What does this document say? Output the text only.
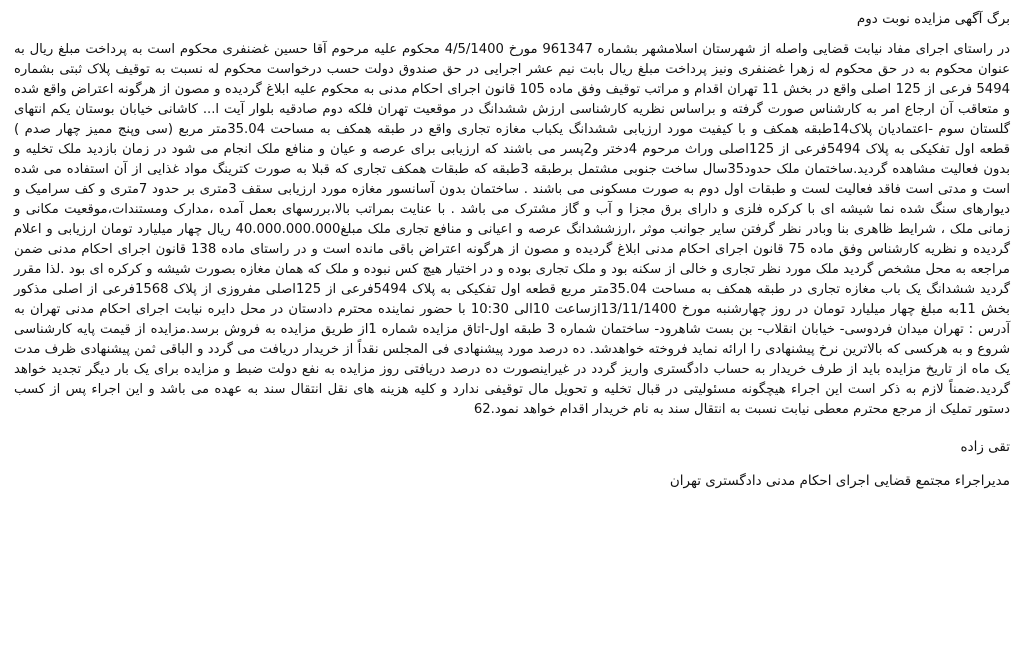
برگ آگهی مزایده نوبت دوم

در راستای اجرای مفاد نیابت قضایی واصله از شهرستان اسلامشهر بشماره 961347 مورخ 4/5/1400 محکوم علیه مرحوم آقا حسین غضنفری محکوم است به پرداخت مبلغ ریال به عنوان محکوم به در حق محکوم له زهرا غضنفری ونیز پرداخت مبلغ ریال بابت نیم عشر اجرایی در حق صندوق دولت حسب درخواست محکوم له نسبت به توقیف پلاک ثبتی بشماره 5494 فرعی از 125 اصلی واقع در بخش 11 تهران اقدام و مراتب توقیف وفق ماده 105 قانون اجرای احکام مدنی به محکوم علیه ابلاغ گردیده و مصون از هرگونه اعتراض واقع شده و متعاقب آن ارجاع امر به کارشناس صورت گرفته و براساس نظریه کارشناسی ارزش ششدانگ در موقعیت تهران فلکه دوم صادقیه بلوار آیت ا... کاشانی خیابان بوستان یکم انتهای گلستان سوم -اعتمادیان پلاک14طبقه همکف و با کیفیت مورد ارزیابی ششدانگ یکباب مغازه تجاری واقع در طبقه همکف به مساحت 35.04متر مربع (سی وپنج ممیز چهار صدم ) قطعه اول تفکیکی به پلاک 5494فرعی از 125اصلی وراث مرحوم 4دختر و2پسر می باشند که ارزیابی برای عرصه و عیان و منافع ملک انجام می شود در زمان بازدید ملک تخلیه و بدون فعالیت مشاهده گردید.ساختمان ملک حدود35سال ساخت جنوبی مشتمل برطبقه 3طبقه که طبقات همکف تجاری که قبلا به صورت کترینگ مواد غذایی از آن استفاده می شده است و مدتی است فاقد فعالیت لست و طبقات اول دوم به صورت مسکونی می باشند . ساختمان بدون آسانسور مغازه مورد ارزیابی سقف 3متری بر حدود 7متری و کف سرامیک و دیوارهای سنگ شده نما شیشه ای با کرکره فلزی و دارای برق مجزا و آب و گاز مشترک می باشد . با عنایت بمراتب بالا،بررسهای بعمل آمده ،مدارک ومستندات،موقعیت مکانی و زمانی ملک ، شرایط ظاهری بنا وبادر نظر گرفتن سایر جوانب موثر ،ارزششدانگ عرصه و اعیانی و منافع تجاری ملک مبلغ40.000.000.000 ریال چهار میلیارد تومان ارزیابی و اعلام گردیده و نظریه کارشناس وفق ماده 75 قانون اجرای احکام مدنی ابلاغ گردیده و مصون از هرگونه اعتراض باقی مانده است و در راستای ماده 138 قانون اجرای احکام مدنی ضمن مراجعه به محل مشخص گردید ملک مورد نظر تجاری و خالی از سکنه بود و ملک تجاری بوده و در اختیار هیچ کس نبوده و ملک که همان مغازه بصورت شیشه و کرکره ای بود .لذا مقرر گردید ششدانگ یک باب مغازه تجاری در طبقه همکف به مساحت 35.04متر مربع قطعه اول تفکیکی به پلاک 5494فرعی از 125اصلی مفروزی از پلاک 1568فرعی از اصلی مذکور بخش 11به مبلغ چهار میلیارد تومان در روز چهارشنبه مورخ 13/11/1400ازساعت 10الی 10:30 با حضور نماینده محترم دادستان در محل دایره نیابت اجرای احکام مدنی تهران به آدرس : تهران میدان فردوسی- خیابان انقلاب- بن بست شاهرود- ساختمان شماره 3 طبقه اول-اتاق مزایده شماره 1از طریق مزایده به فروش برسد.مزایده از قیمت پایه کارشناسی شروع و به هرکسی که بالاترین نرخ پیشنهادی را ارائه نماید فروخته خواهدشد. ده درصد مورد پیشنهادی فی المجلس نقداً از خریدار دریافت می گردد و الباقی ثمن پیشنهادی ظرف مدت یک ماه از تاریخ مزایده باید از طرف خریدار به حساب دادگستری واریز گردد در غیراینصورت ده درصد دریافتی روز مزایده به نفع دولت ضبط و مزایده برای یک بار دیگر تجدید خواهد گردید.ضمناً لازم به ذکر است این اجراء هیچگونه مسئولیتی در قبال تخلیه و تحویل مال توقیفی ندارد و کلیه هزینه های نقل انتقال سند به عهده می باشد و این اجراء پس از کسب دستور تملیک از مرجع محترم معطی نیابت نسبت به انتقال سند به نام خریدار اقدام خواهد نمود.62

تقی زاده
مدیراجراء مجتمع قضایی اجرای احکام مدنی دادگستری تهران
